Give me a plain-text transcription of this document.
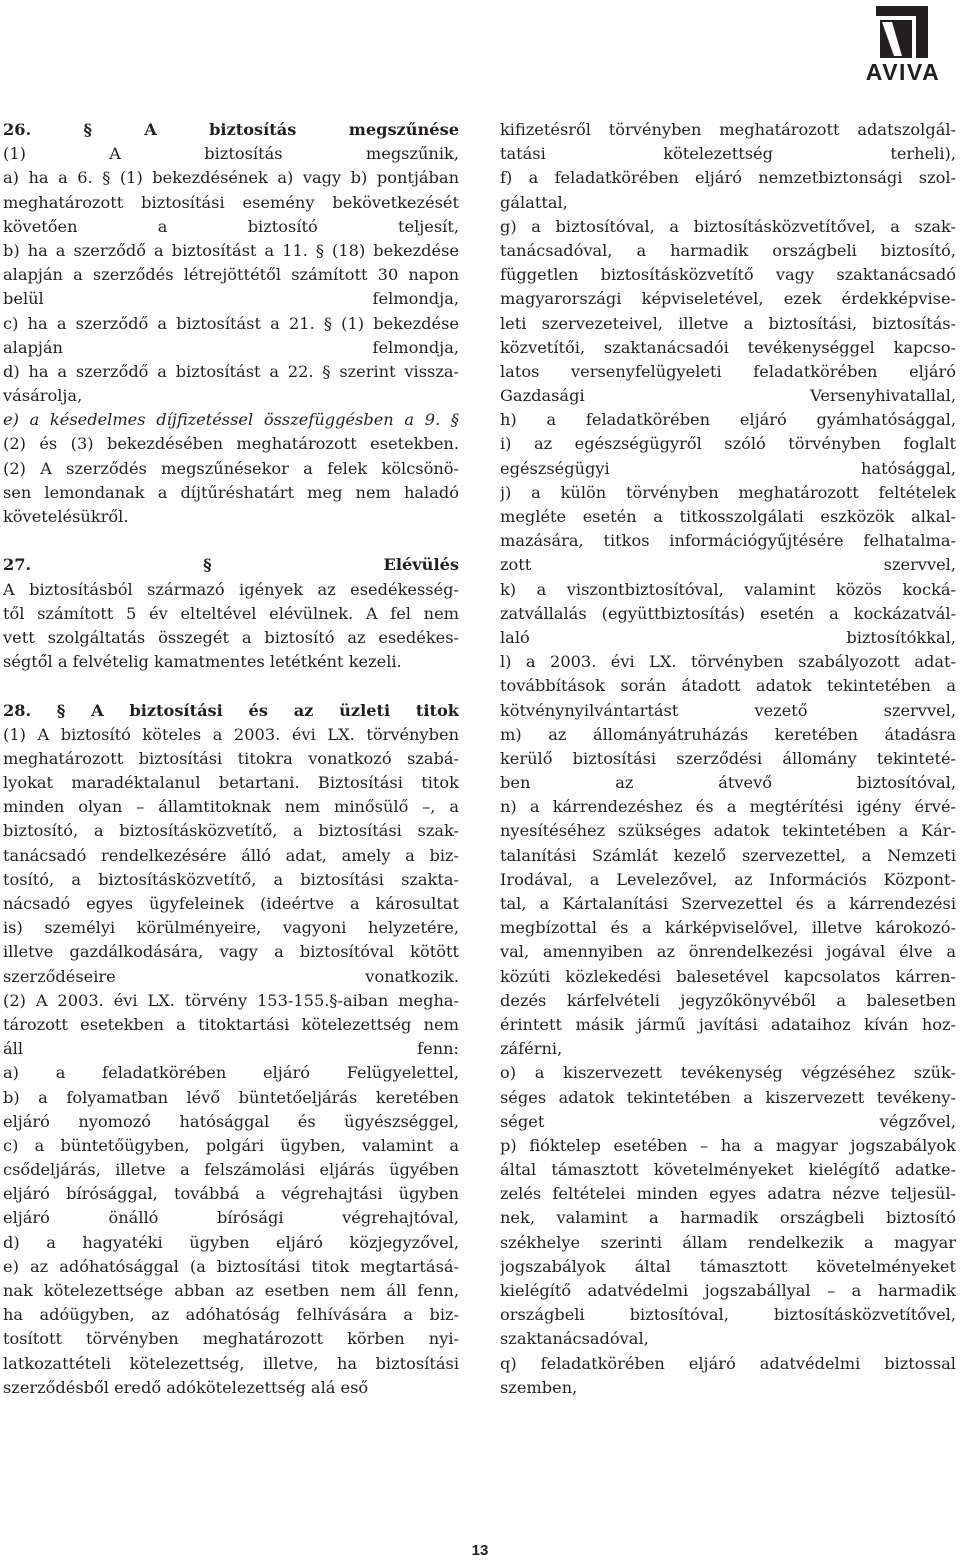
AVIVA
26. § A biztosítás megszűnése
(1) A biztosítás megszűnik,
a) ha a 6. § (1) bekezdésének a) vagy b) pontjában
meghatározott biztosítási esemény bekövetkezését
követően a biztosító teljesít,
b) ha a szerződő a biztosítást a 11. § (18) bekezdése
alapján a szerződés létrejöttétől számított 30 napon
belül felmondja,
c) ha a szerződő a biztosítást a 21. § (1) bekezdése
alapján felmondja,
d) ha a szerződő a biztosítást a 22. § szerint vissza-
vásárolja,
e) a késedelmes díjfizetéssel összefüggésben a 9. §
(2) és (3) bekezdésében meghatározott esetekben.
(2) A szerződés megszűnésekor a felek kölcsönö-
sen lemondanak a díjtűréshatárt meg nem haladó
követelésükről.
27. § Elévülés
A biztosításból származó igények az esedékesség-
től számított 5 év elteltével elévülnek. A fel nem
vett szolgáltatás összegét a biztosító az esedékes-
ségtől a felvételig kamatmentes letétként kezeli.
28. § A biztosítási és az üzleti titok
(1) A biztosító köteles a 2003. évi LX. törvényben
meghatározott biztosítási titokra vonatkozó szabá-
lyokat maradéktalanul betartani. Biztosítási titok
minden olyan – államtitoknak nem minősülő –, a
biztosító, a biztosításközvetítő, a biztosítási szak-
tanácsadó rendelkezésére álló adat, amely a biz-
tosító, a biztosításközvetítő, a biztosítási szakta-
nácsadó egyes ügyfeleinek (ideértve a károsultat
is) személyi körülményeire, vagyoni helyzetére,
illetve gazdálkodására, vagy a biztosítóval kötött
szerződéseire vonatkozik.
(2) A 2003. évi LX. törvény 153-155.§-aiban megha-
tározott esetekben a titoktartási kötelezettség nem
áll fenn:
a) a feladatkörében eljáró Felügyelettel,
b) a folyamatban lévő büntetőeljárás keretében
eljáró nyomozó hatósággal és ügyészséggel,
c) a büntetőügyben, polgári ügyben, valamint a
csődeljárás, illetve a felszámolási eljárás ügyében
eljáró bírósággal, továbbá a végrehajtási ügyben
eljáró önálló bírósági végrehajtóval,
d) a hagyatéki ügyben eljáró közjegyzővel,
e) az adóhatósággal (a biztosítási titok megtartásá-
nak kötelezettsége abban az esetben nem áll fenn,
ha adóügyben, az adóhatóság felhívására a biz-
tosított törvényben meghatározott körben nyi-
latkozattételi kötelezettség, illetve, ha biztosítási
szerződésből eredő adókötelezettség alá eső
kifizetésről törvényben meghatározott adatszolgál-
tatási kötelezettség terheli),
f) a feladatkörében eljáró nemzetbiztonsági szol-
gálattal,
g) a biztosítóval, a biztosításközvetítővel, a szak-
tanácsadóval, a harmadik országbeli biztosító,
független biztosításközvetítő vagy szaktanácsadó
magyarországi képviseletével, ezek érdekképvise-
leti szervezeteivel, illetve a biztosítási, biztosítás-
közvetítői, szaktanácsadói tevékenységgel kapcso-
latos versenyfelügyeleti feladatkörében eljáró
Gazdasági Versenyhivatallal,
h) a feladatkörében eljáró gyámhatósággal,
i) az egészségügyről szóló törvényben foglalt
egészségügyi hatósággal,
j) a külön törvényben meghatározott feltételek
megléte esetén a titkosszolgálati eszközök alkal-
mazására, titkos információgyűjtésére felhatalma-
zott szervvel,
k) a viszontbiztosítóval, valamint közös kocká-
zatvállalás (együttbiztosítás) esetén a kockázatvál-
laló biztosítókkal,
l) a 2003. évi LX. törvényben szabályozott adat-
továbbítások során átadott adatok tekintetében a
kötvénynyilvántartást vezető szervvel,
m) az állományátruházás keretében átadásra
kerülő biztosítási szerződési állomány tekinteté-
ben az átvevő biztosítóval,
n) a kárrendezéshez és a megtérítési igény érvé-
nyesítéséhez szükséges adatok tekintetében a Kár-
talanítási Számlát kezelő szervezettel, a Nemzeti
Irodával, a Levelezővel, az Információs Központ-
tal, a Kártalanítási Szervezettel és a kárrendezési
megbízottal és a kárképviselővel, illetve károkozó-
val, amennyiben az önrendelkezési jogával élve a
közúti közlekedési balesetével kapcsolatos kárren-
dezés kárfelvételi jegyzőkönyvéből a balesetben
érintett másik jármű javítási adataihoz kíván hoz-
záférni,
o) a kiszervezett tevékenység végzéséhez szük-
séges adatok tekintetében a kiszervezett tevékeny-
séget végzővel,
p) fióktelep esetében – ha a magyar jogszabályok
által támasztott követelményeket kielégítő adatke-
zelés feltételei minden egyes adatra nézve teljesül-
nek, valamint a harmadik országbeli biztosító
székhelye szerinti állam rendelkezik a magyar
jogszabályok által támasztott követelményeket
kielégítő adatvédelmi jogszabállyal – a harmadik
országbeli biztosítóval, biztosításközvetítővel,
szaktanácsadóval,
q) feladatkörében eljáró adatvédelmi biztossal
szemben,
13
